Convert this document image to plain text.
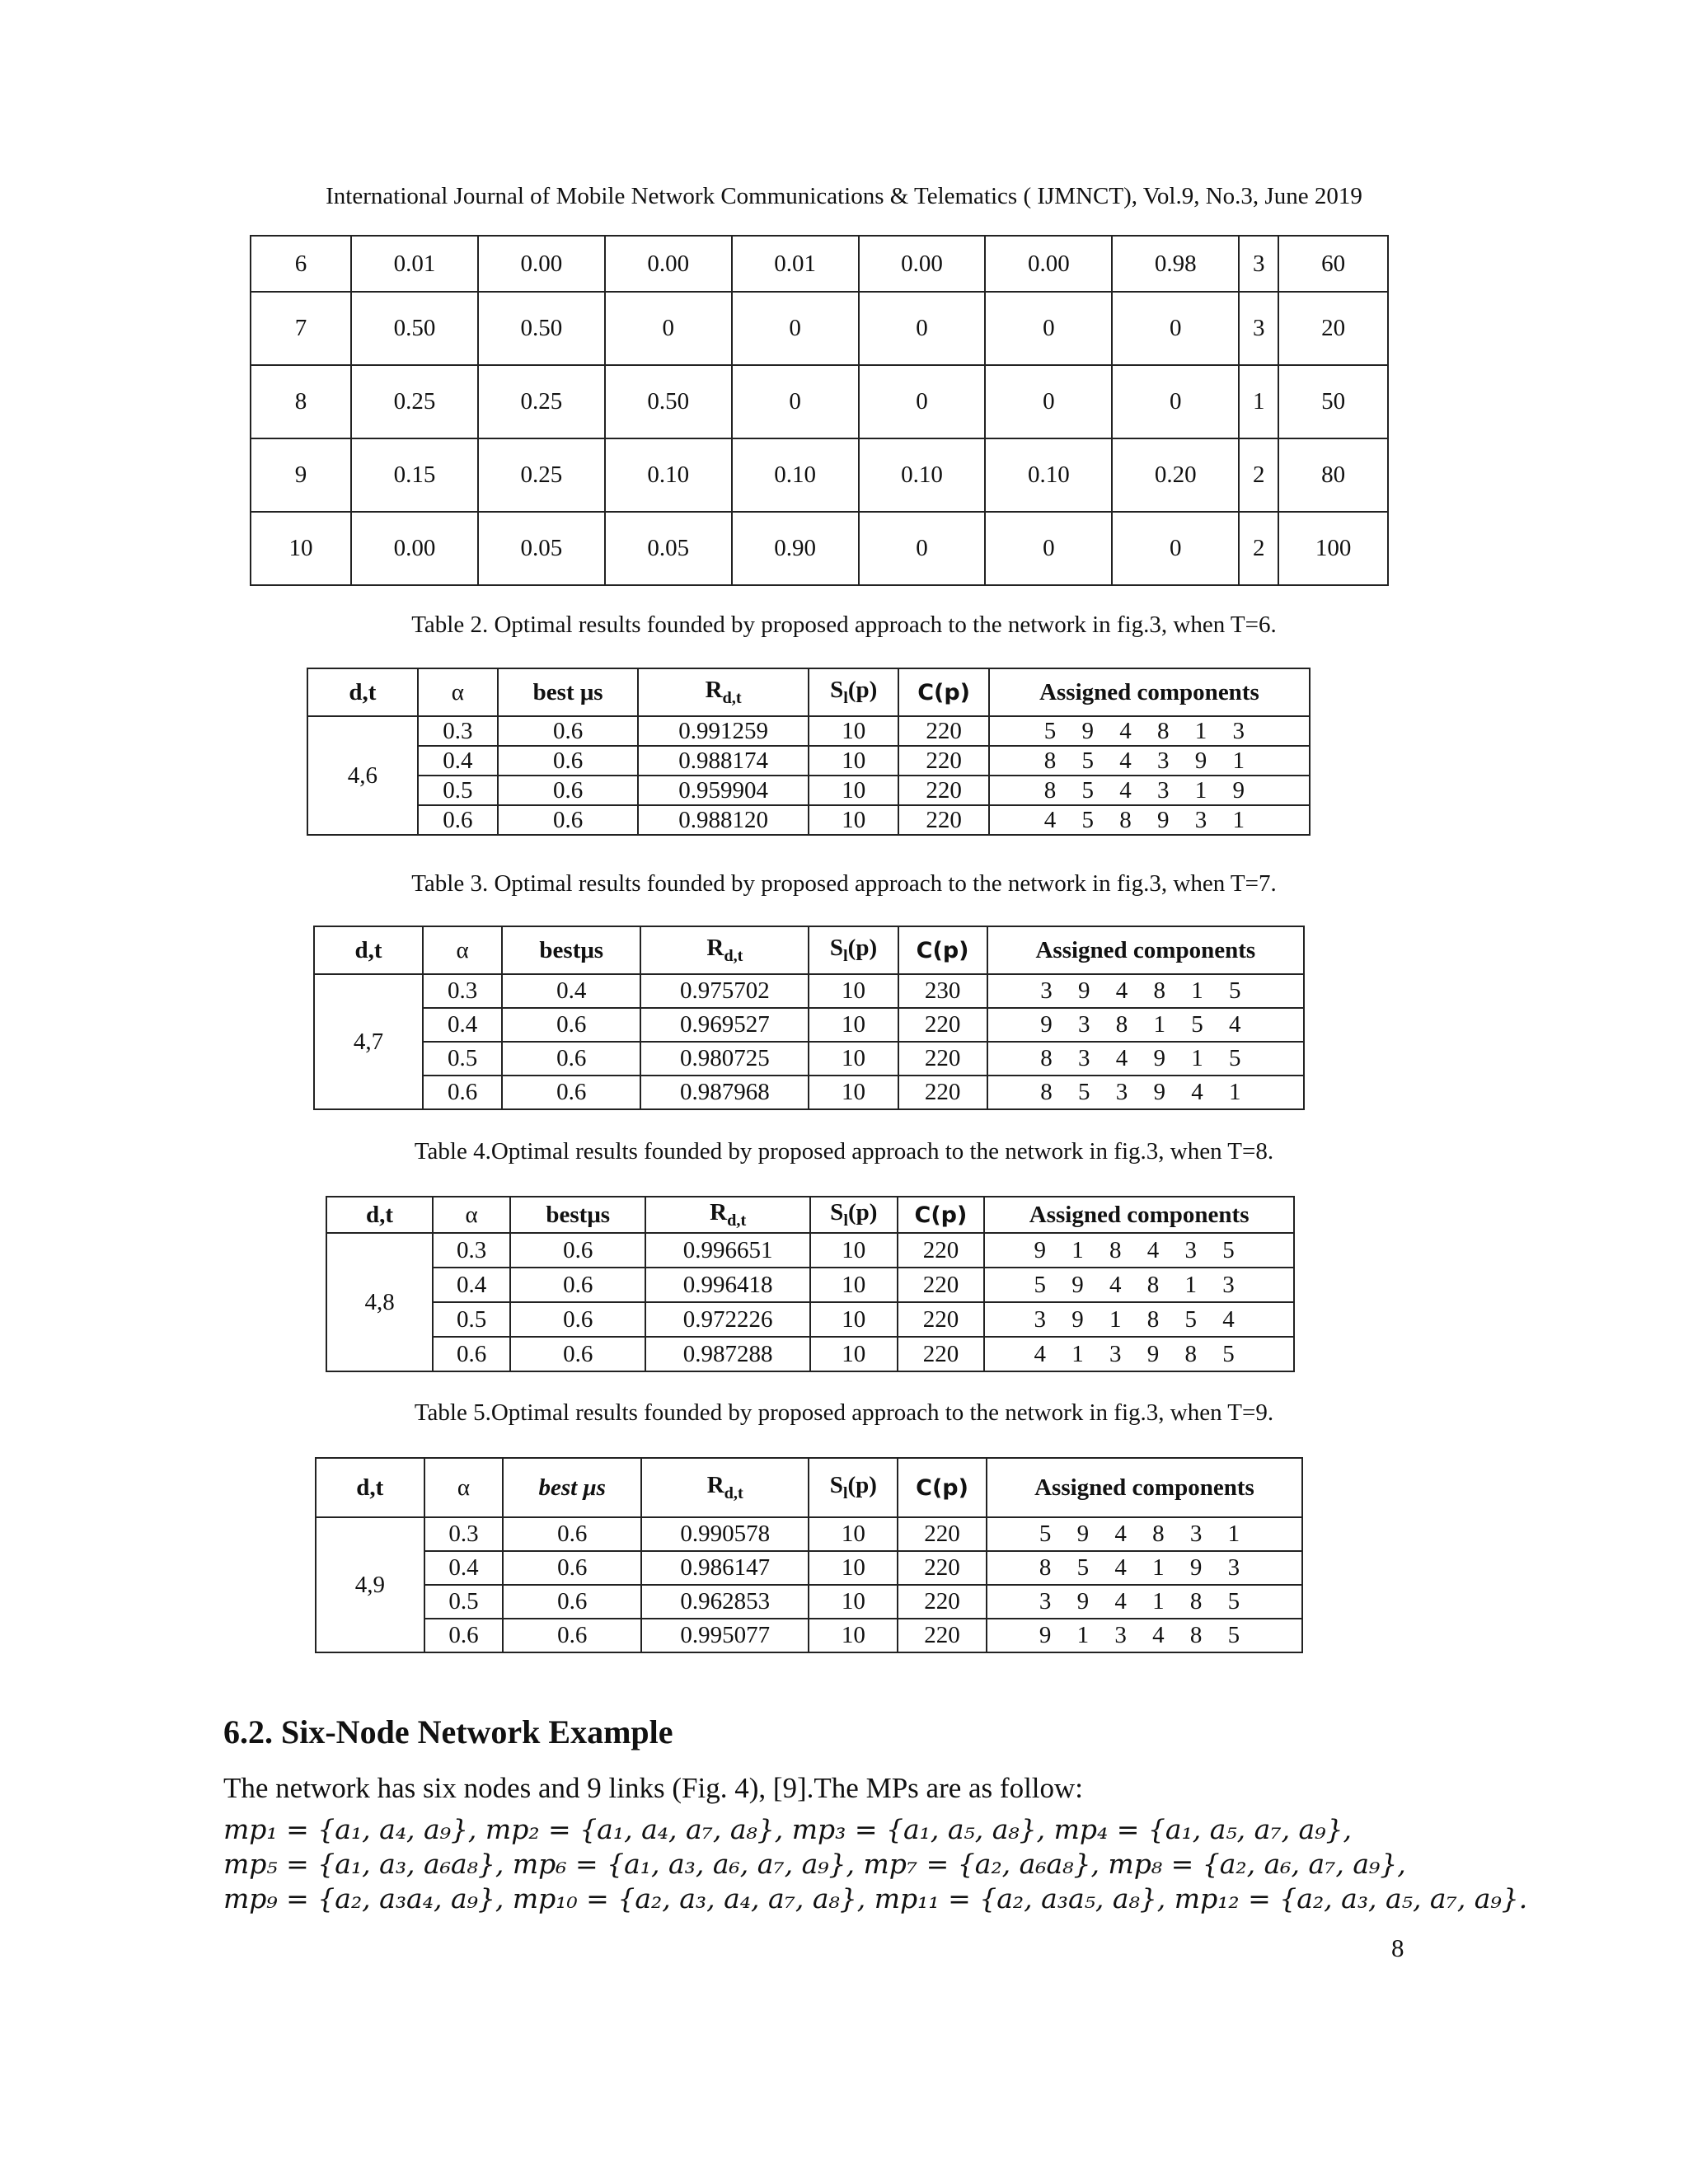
International Journal of Mobile Network Communications & Telematics ( IJMNCT), Vol.9, No.3, June 2019
6	0.01	0.00	0.00	0.01	0.00	0.00	0.98	3	60
7	0.50	0.50	0	0	0	0	0	3	20
8	0.25	0.25	0.50	0	0	0	0	1	50
9	0.15	0.25	0.10	0.10	0.10	0.10	0.20	2	80
10	0.00	0.05	0.05	0.90	0	0	0	2	100
Table 2. Optimal results founded by proposed approach to the network in fig.3, when T=6.
d,t	α	best μs	$R_{d,t}$	$S_l(p)$	C(p)	Assigned components
4,6	0.3	0.6	0.991259	10	220	5 9 4 8 1 3
	0.4	0.6	0.988174	10	220	8 5 4 3 9 1
	0.5	0.6	0.959904	10	220	8 5 4 3 1 9
	0.6	0.6	0.988120	10	220	4 5 8 9 3 1
Table 3. Optimal results founded by proposed approach to the network in fig.3, when T=7.
d,t	α	bestμs	$R_{d,t}$	$S_l(p)$	C(p)	Assigned components
4,7	0.3	0.4	0.975702	10	230	3 9 4 8 1 5
	0.4	0.6	0.969527	10	220	9 3 8 1 5 4
	0.5	0.6	0.980725	10	220	8 3 4 9 1 5
	0.6	0.6	0.987968	10	220	8 5 3 9 4 1
Table 4.Optimal results founded by proposed approach to the network in fig.3, when T=8.
d,t	α	bestμs	$R_{d,t}$	$S_l(p)$	C(p)	Assigned components
4,8	0.3	0.6	0.996651	10	220	9 1 8 4 3 5
	0.4	0.6	0.996418	10	220	5 9 4 8 1 3
	0.5	0.6	0.972226	10	220	3 9 1 8 5 4
	0.6	0.6	0.987288	10	220	4 1 3 9 8 5
Table 5.Optimal results founded by proposed approach to the network in fig.3, when T=9.
d,t	α	best μs	$R_{d,t}$	$S_l(p)$	C(p)	Assigned components
4,9	0.3	0.6	0.990578	10	220	5 9 4 8 3 1
	0.4	0.6	0.986147	10	220	8 5 4 1 9 3
	0.5	0.6	0.962853	10	220	3 9 4 1 8 5
	0.6	0.6	0.995077	10	220	9 1 3 4 8 5
6.2. Six-Node Network Example
The network has six nodes and 9 links (Fig. 4), [9].The MPs are as follow:
mp₁ = {a₁, a₄, a₉}, mp₂ = {a₁, a₄, a₇, a₈}, mp₃ = {a₁, a₅, a₈}, mp₄ = {a₁, a₅, a₇, a₉},
mp₅ = {a₁, a₃, a₆a₈}, mp₆ = {a₁, a₃, a₆, a₇, a₉}, mp₇ = {a₂, a₆a₈}, mp₈ = {a₂, a₆, a₇, a₉},
mp₉ = {a₂, a₃a₄, a₉}, mp₁₀ = {a₂, a₃, a₄, a₇, a₈}, mp₁₁ = {a₂, a₃a₅, a₈}, mp₁₂ = {a₂, a₃, a₅, a₇, a₉}.
8
